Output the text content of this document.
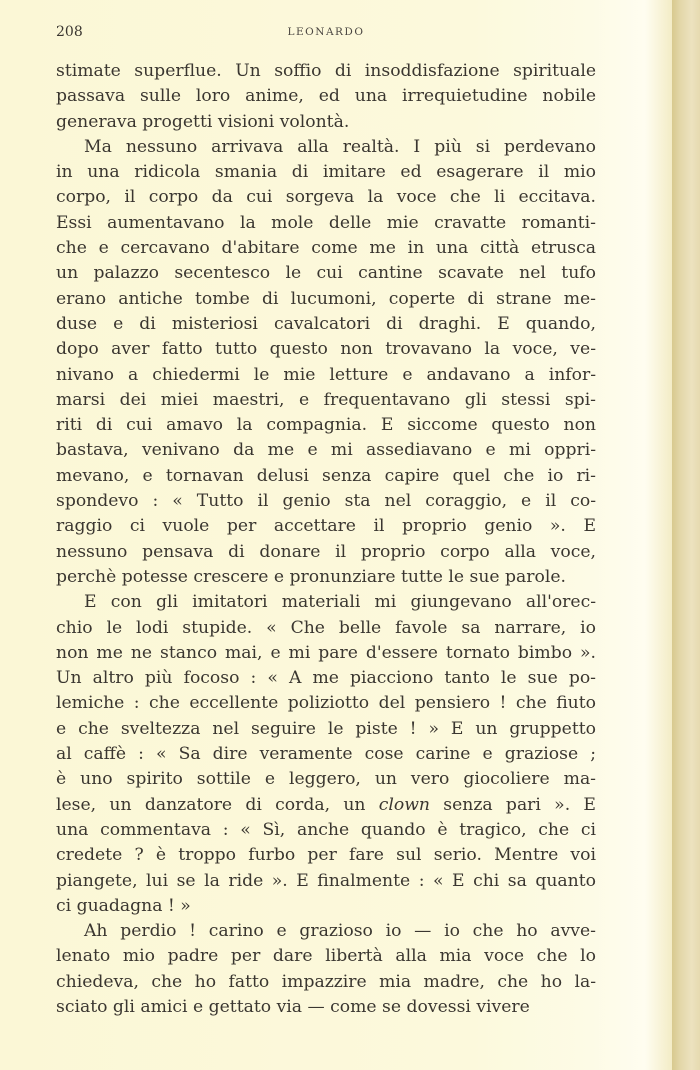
208	LEONARDO
stimate superflue. Un soffio di insoddisfazione spirituale
passava sulle loro anime, ed una irrequietudine nobile
generava progetti visioni volontà.
Ma nessuno arrivava alla realtà. I più si perdevano
in una ridicola smania di imitare ed esagerare il mio
corpo, il corpo da cui sorgeva la voce che li eccitava.
Essi aumentavano la mole delle mie cravatte romanti-
che e cercavano d'abitare come me in una città etrusca
un palazzo secentesco le cui cantine scavate nel tufo
erano antiche tombe di lucumoni, coperte di strane me-
duse e di misteriosi cavalcatori di draghi. E quando,
dopo aver fatto tutto questo non trovavano la voce, ve-
nivano a chiedermi le mie letture e andavano a infor-
marsi dei miei maestri, e frequentavano gli stessi spi-
riti di cui amavo la compagnia. E siccome questo non
bastava, venivano da me e mi assediavano e mi oppri-
mevano, e tornavan delusi senza capire quel che io ri-
spondevo : « Tutto il genio sta nel coraggio, e il co-
raggio ci vuole per accettare il proprio genio ». E
nessuno pensava di donare il proprio corpo alla voce,
perchè potesse crescere e pronunziare tutte le sue parole.
E con gli imitatori materiali mi giungevano all'orec-
chio le lodi stupide. « Che belle favole sa narrare, io
non me ne stanco mai, e mi pare d'essere tornato bimbo ».
Un altro più focoso : « A me piacciono tanto le sue po-
lemiche : che eccellente poliziotto del pensiero ! che fiuto
e che sveltezza nel seguire le piste ! » E un gruppetto
al caffè : « Sa dire veramente cose carine e graziose ;
è uno spirito sottile e leggero, un vero giocoliere ma-
lese, un danzatore di corda, un clown senza pari ». E
una commentava : « Sì, anche quando è tragico, che ci
credete ? è troppo furbo per fare sul serio. Mentre voi
piangete, lui se la ride ». E finalmente : « E chi sa quanto
ci guadagna ! »
Ah perdio ! carino e grazioso io — io che ho avve-
lenato mio padre per dare libertà alla mia voce che lo
chiedeva, che ho fatto impazzire mia madre, che ho la-
sciato gli amici e gettato via — come se dovessi vivere
